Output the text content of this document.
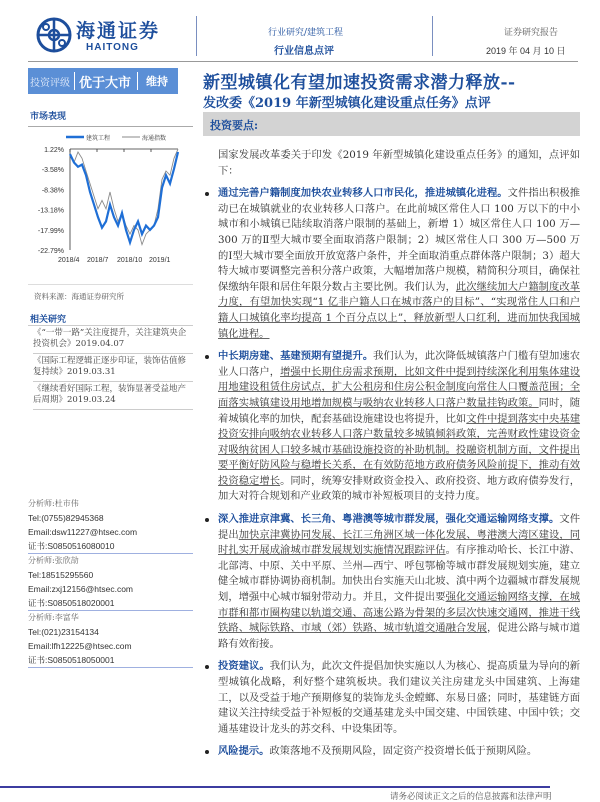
海通证券
HAITONG
行业研究/建筑工程
行业信息点评
证券研究报告
2019 年 04 月 10 日
投资评级 优于大市 维持 新型城镇化有望加速投资需求潜力释放--
发改委《2019 年新型城镇化建设重点任务》点评
投资要点:
市场表现
建筑工程	海通指数
1.22%
-3.58%
-8.38%
-13.18%
-17.99%
-22.79%
2018/4 2018/7 2018/10 2019/1
资料来源：海通证券研究所
相关研究
《“一带一路”关注度提升，关注建筑央企投资机会》2019.04.07
《国际工程逻辑正逐步印证，装饰估值修复持续》2019.03.31
《继续看好国际工程，装饰显著受益地产后周期》2019.03.24
分析师:杜市伟
Tel:(0755)82945368
Email:dsw11227@htsec.com
证书:S0850516080010
分析师:张欣劼
Tel:18515295560
Email:zxj12156@htsec.com
证书:S0850518020001
分析师:李富华
Tel:(021)23154134
Email:lfh12225@htsec.com
证书:S0850518050001

国家发展改革委关于印发《2019 年新型城镇化建设重点任务》的通知，点评如下：

通过完善户籍制度加快农业转移人口市民化，推进城镇化进程。文件指出积极推动已在城镇就业的农业转移人口落户。在此前城区常住人口 100 万以下的中小城市和小城镇已陆续取消落户限制的基础上，新增 1）城区常住人口 100 万—300 万的Ⅱ型大城市要全面取消落户限制；2）城区常住人口 300 万—500 万的Ⅰ型大城市要全面放开放宽落户条件，并全面取消重点群体落户限制；3）超大特大城市要调整完善积分落户政策，大幅增加落户规模，精简积分项目，确保社保缴纳年限和居住年限分数占主要比例。我们认为，此次继续加大户籍制度改革力度，有望加快实现“1 亿非户籍人口在城市落户的目标”、“实现常住人口和户籍人口城镇化率均提高 1 个百分点以上”，释放新型人口红利，进而加快我国城镇化进程。

中长期房建、基建预期有望提升。我们认为，此次降低城镇落户门槛有望加速农业人口落户，增强中长期住房需求预期，比如文件中提到持续深化利用集体建设用地建设租赁住房试点，扩大公租房和住房公积金制度向常住人口覆盖范围；全面落实城镇建设用地增加规模与吸纳农业转移人口落户数量挂钩政策。同时，随着城镇化率的加快，配套基础设施建设也将提升，比如文件中提到落实中央基建投资安排向吸纳农业转移人口落户数量较多城镇倾斜政策，完善财政性建设资金对吸纳贫困人口较多城市基础设施投资的补助机制。投融资机制方面，文件提出要平衡好防风险与稳增长关系，在有效防范地方政府债务风险前提下，推动有效投资稳定增长。同时，统筹安排财政资金投入、政府投资、地方政府债券发行，加大对符合规划和产业政策的城市补短板项目的支持力度。

深入推进京津冀、长三角、粤港澳等城市群发展，强化交通运输网络支撑。文件提出加快京津冀协同发展、长江三角洲区域一体化发展、粤港澳大湾区建设，同时扎实开展成渝城市群发展规划实施情况跟踪评估。有序推动哈长、长江中游、北部湾、中原、关中平原、兰州—西宁、呼包鄂榆等城市群发展规划实施，建立健全城市群协调协商机制。加快出台实施天山北坡、滇中两个边疆城市群发展规划，增强中心城市辐射带动力。并且，文件提出要强化交通运输网络支撑，在城市群和都市圈构建以轨道交通、高速公路为骨架的多层次快速交通网，推进干线铁路、城际铁路、市域（郊）铁路、城市轨道交通融合发展，促进公路与城市道路有效衔接。

投资建议。我们认为，此次文件提倡加快实施以人为核心、提高质量为导向的新型城镇化战略，利好整个建筑板块。我们建议关注房建龙头中国建筑、上海建工，以及受益于地产预期修复的装饰龙头金螳螂、东易日盛；同时，基建链方面建议关注持续受益于补短板的交通基建龙头中国交建、中国铁建、中国中铁；交通基建设计龙头的苏交科、中设集团等。

风险提示。政策落地不及预期风险，固定资产投资增长低于预期风险。

请务必阅读正文之后的信息披露和法律声明
